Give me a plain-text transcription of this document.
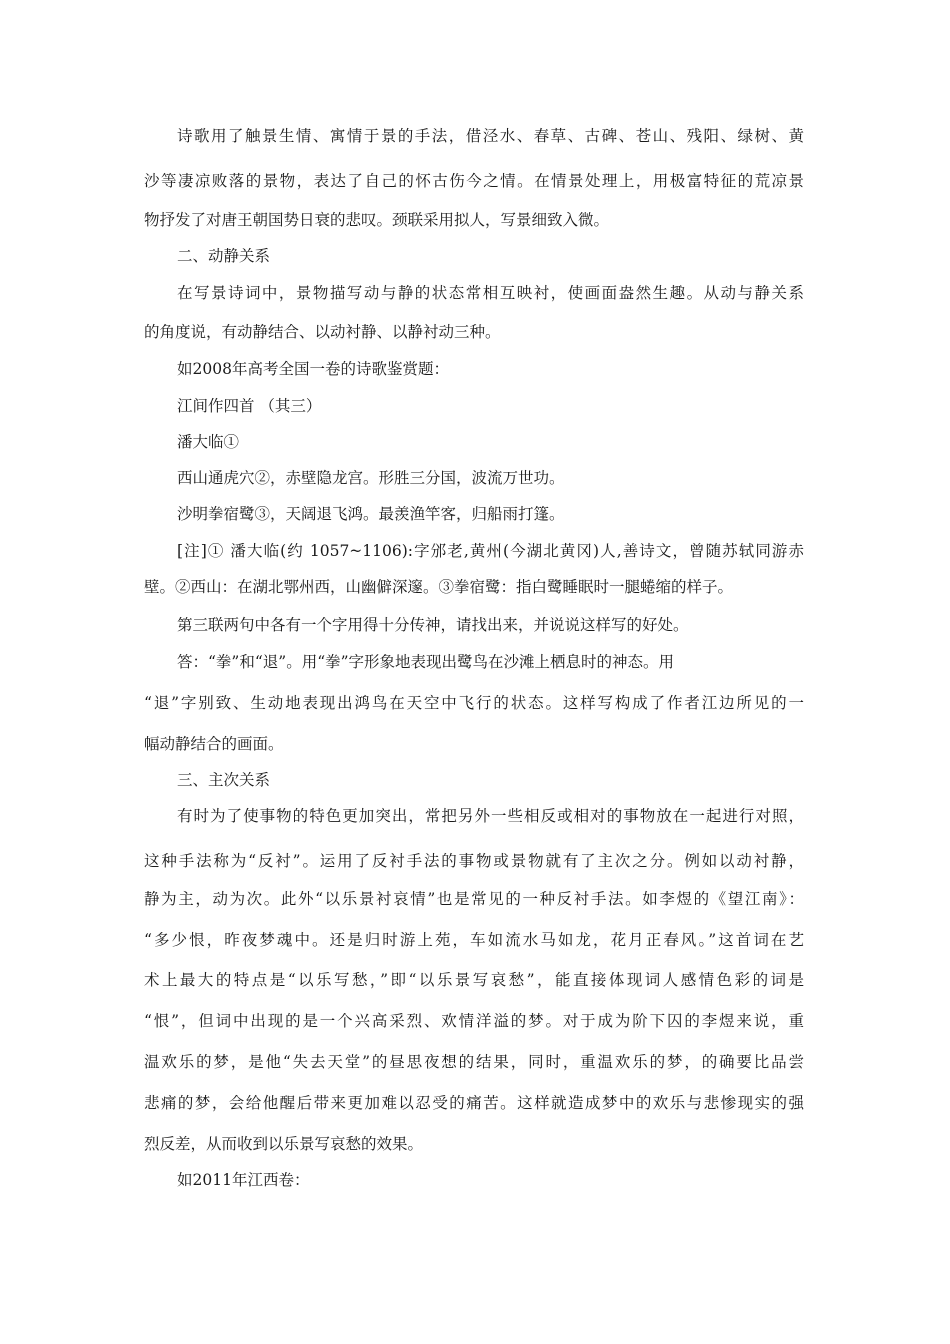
诗歌用了触景生情、寓情于景的手法，借泾水、春草、古碑、苍山、残阳、绿树、黄
沙等凄凉败落的景物，表达了自己的怀古伤今之情。在情景处理上，用极富特征的荒凉景
物抒发了对唐王朝国势日衰的悲叹。颈联采用拟人，写景细致入微。
二、动静关系
在写景诗词中，景物描写动与静的状态常相互映衬，使画面盎然生趣。从动与静关系
的角度说，有动静结合、以动衬静、以静衬动三种。
如2008年高考全国一卷的诗歌鉴赏题：
江间作四首 （其三）
潘大临①
西山通虎穴②，赤壁隐龙宫。形胜三分国，波流万世功。
沙明拳宿鹭③，天阔退飞鸿。最羡渔竿客，归船雨打篷。
[注]① 潘大临(约 1057~1106):字邠老,黄州(今湖北黄冈)人,善诗文，曾随苏轼同游赤
壁。②西山：在湖北鄂州西，山幽僻深邃。③拳宿鹭：指白鹭睡眠时一腿蜷缩的样子。
第三联两句中各有一个字用得十分传神，请找出来，并说说这样写的好处。
答：“拳”和“退”。用“拳”字形象地表现出鹭鸟在沙滩上栖息时的神态。用
“退”字别致、生动地表现出鸿鸟在天空中飞行的状态。这样写构成了作者江边所见的一
幅动静结合的画面。
三、主次关系
有时为了使事物的特色更加突出，常把另外一些相反或相对的事物放在一起进行对照，
这种手法称为“反衬”。运用了反衬手法的事物或景物就有了主次之分。例如以动衬静，
静为主，动为次。此外“以乐景衬哀情”也是常见的一种反衬手法。如李煜的《望江南》：
“多少恨，昨夜梦魂中。还是归时游上苑，车如流水马如龙，花月正春风。”这首词在艺
术上最大的特点是“以乐写愁，”即“以乐景写哀愁”，能直接体现词人感情色彩的词是
“恨”，但词中出现的是一个兴高采烈、欢情洋溢的梦。对于成为阶下囚的李煜来说，重
温欢乐的梦，是他“失去天堂”的昼思夜想的结果，同时，重温欢乐的梦，的确要比品尝
悲痛的梦，会给他醒后带来更加难以忍受的痛苦。这样就造成梦中的欢乐与悲惨现实的强
烈反差，从而收到以乐景写哀愁的效果。
如2011年江西卷：
